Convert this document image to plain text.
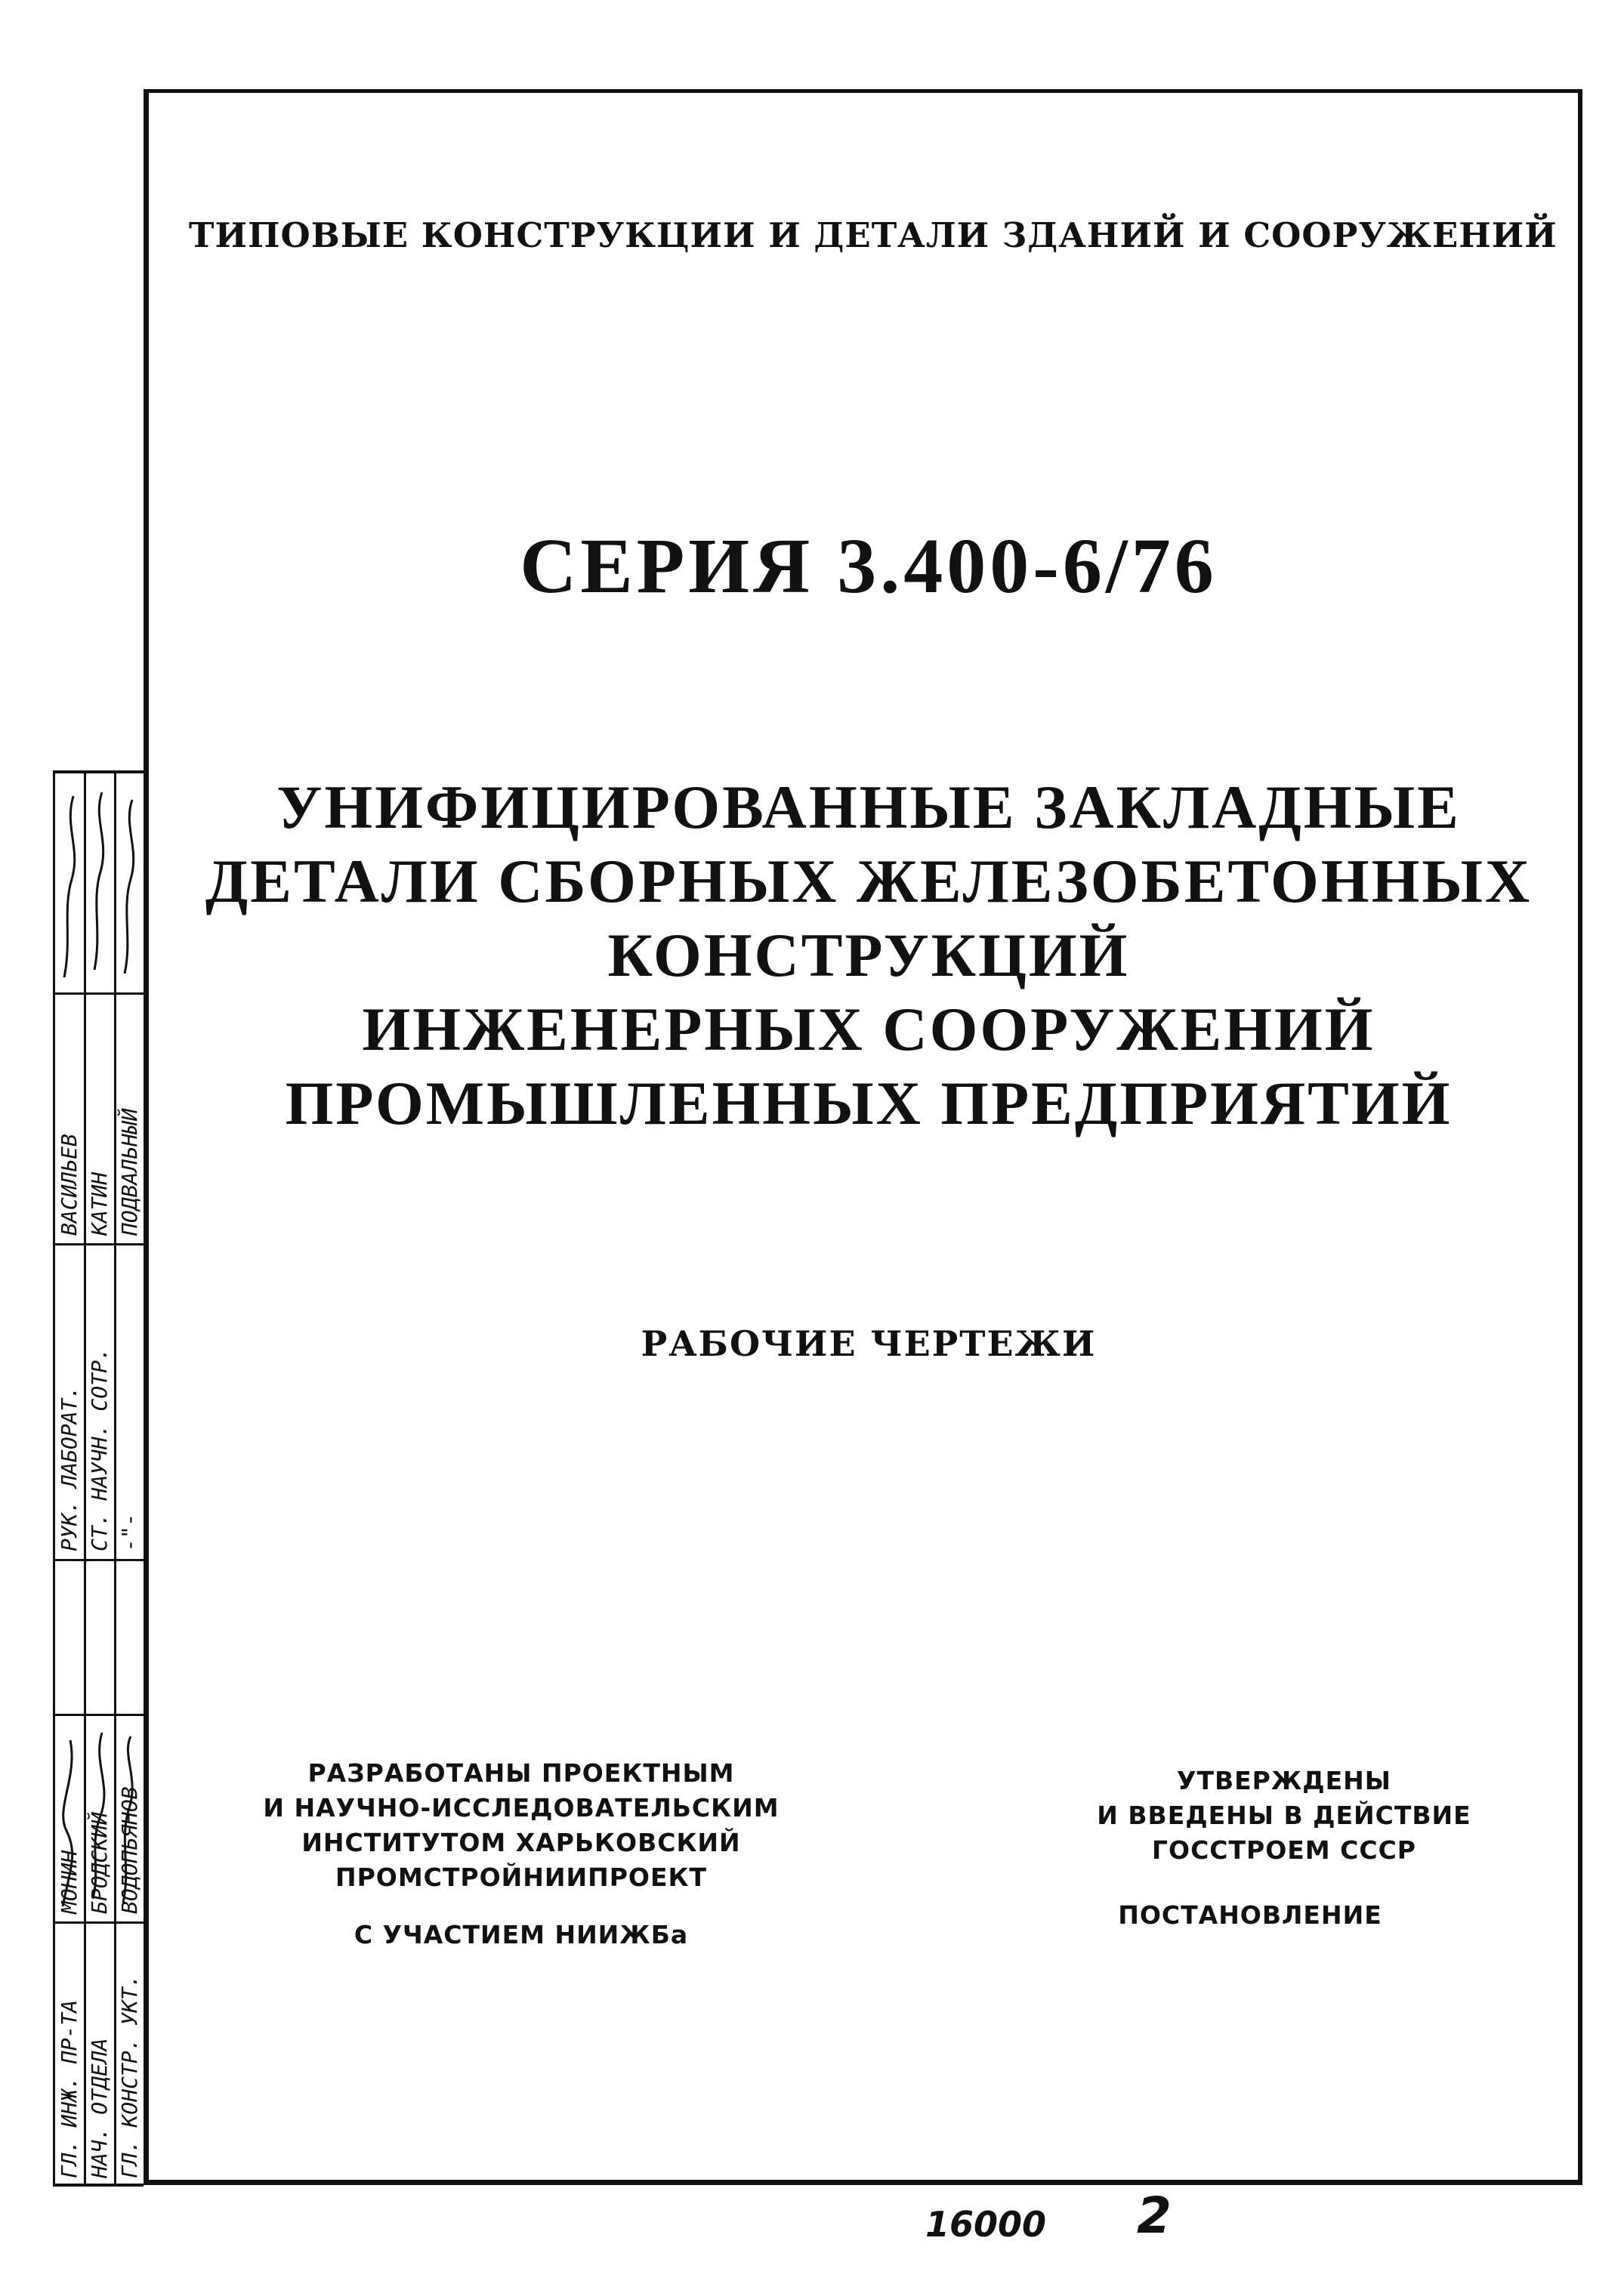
ТИПОВЫЕ КОНСТРУКЦИИ И ДЕТАЛИ ЗДАНИЙ И СООРУЖЕНИЙ
СЕРИЯ 3.400-6/76
УНИФИЦИРОВАННЫЕ ЗАКЛАДНЫЕ
ДЕТАЛИ СБОРНЫХ ЖЕЛЕЗОБЕТОННЫХ
КОНСТРУКЦИЙ
ИНЖЕНЕРНЫХ СООРУЖЕНИЙ
ПРОМЫШЛЕННЫХ ПРЕДПРИЯТИЙ
РАБОЧИЕ ЧЕРТЕЖИ
РАЗРАБОТАНЫ ПРОЕКТНЫМ
И НАУЧНО-ИССЛЕДОВАТЕЛЬСКИМ
ИНСТИТУТОМ ХАРЬКОВСКИЙ
ПРОМСТРОЙНИИПРОЕКТ
С УЧАСТИЕМ НИИЖБа
УТВЕРЖДЕНЫ
И ВВЕДЕНЫ В ДЕЙСТВИЕ
ГОССТРОЕМ СССР
ПОСТАНОВЛЕНИЕ
16000 2
ГЛ. ИНЖ. ПР-ТА
МОНИН
РУК. ЛАБОРАТ.
ВАСИЛЬЕВ
НАЧ. ОТДЕЛА
БРОДСКИЙ
СТ. НАУЧН. СОТР.
КАТИН
ГЛ. КОНСТР. УКТ.
ВОДОПЬЯНОВ
-"-
ПОДВАЛЬНЫЙ
